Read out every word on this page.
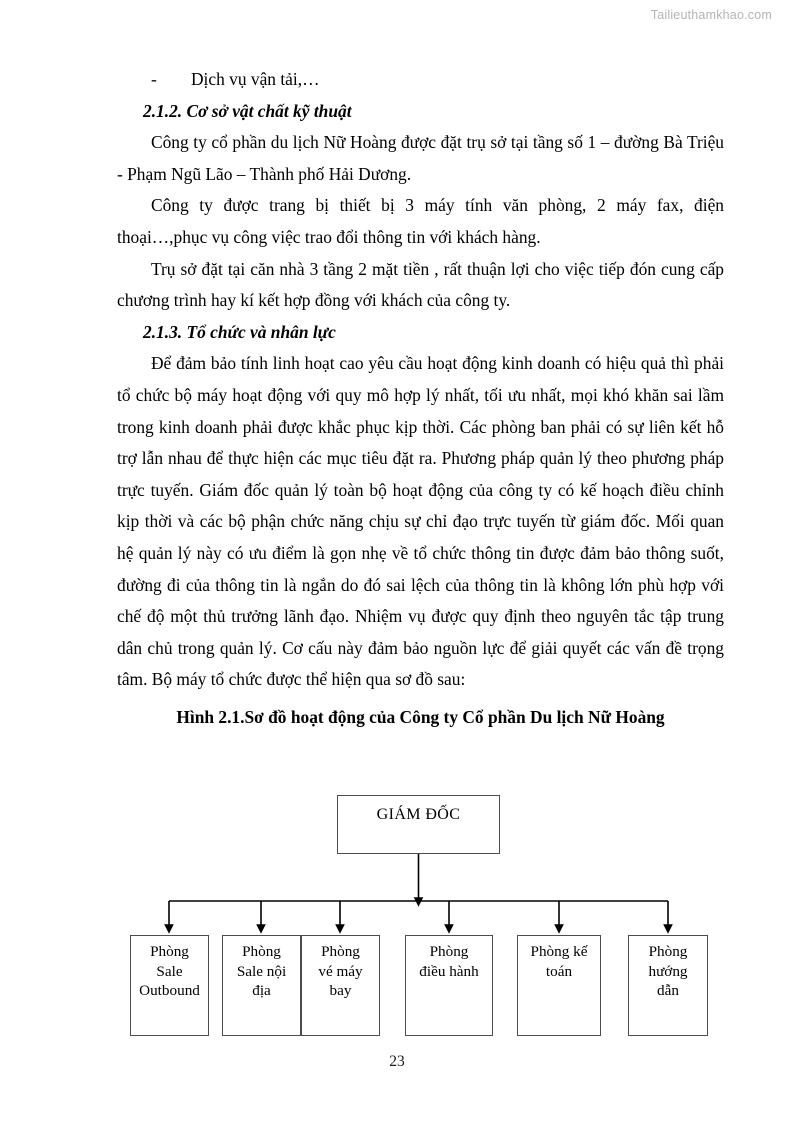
Tailieuthamkhao.com

- Dịch vụ vận tải,…

2.1.2. Cơ sở vật chất kỹ thuật

Công ty cổ phần du lịch Nữ Hoàng được đặt trụ sở tại tầng số 1 – đường Bà Triệu - Phạm Ngũ Lão – Thành phố Hải Dương.

Công ty được trang bị thiết bị 3 máy tính văn phòng, 2 máy fax, điện thoại…,phục vụ công việc trao đổi thông tin với khách hàng.

Trụ sở đặt tại căn nhà 3 tầng 2 mặt tiền , rất thuận lợi cho việc tiếp đón cung cấp chương trình hay kí kết hợp đồng với khách của công ty.

2.1.3. Tổ chức và nhân lực

Để đảm bảo tính linh hoạt cao yêu cầu hoạt động kinh doanh có hiệu quả thì phải tổ chức bộ máy hoạt động với quy mô hợp lý nhất, tối ưu nhất, mọi khó khăn sai lầm trong kinh doanh phải được khắc phục kịp thời. Các phòng ban phải có sự liên kết hỗ trợ lẫn nhau để thực hiện các mục tiêu đặt ra. Phương pháp quản lý theo phương pháp trực tuyến. Giám đốc quản lý toàn bộ hoạt động của công ty có kế hoạch điều chỉnh kịp thời và các bộ phận chức năng chịu sự chỉ đạo trực tuyến từ giám đốc. Mối quan hệ quản lý này có ưu điểm là gọn nhẹ về tổ chức thông tin được đảm bảo thông suốt, đường đi của thông tin là ngắn do đó sai lệch của thông tin là không lớn phù hợp với chế độ một thủ trưởng lãnh đạo. Nhiệm vụ được quy định theo nguyên tắc tập trung dân chủ trong quản lý. Cơ cấu này đảm bảo nguồn lực để giải quyết các vấn đề trọng tâm. Bộ máy tổ chức được thể hiện qua sơ đồ sau:

Hình 2.1.Sơ đồ hoạt động của Công ty Cổ phần Du lịch Nữ Hoàng

GIÁM ĐỐC
Phòng
Sale
Outbound
Phòng
Sale nội
địa
Phòng
vé máy
bay
Phòng
điều hành
Phòng kế
toán
Phòng
hướng
dẫn
23
